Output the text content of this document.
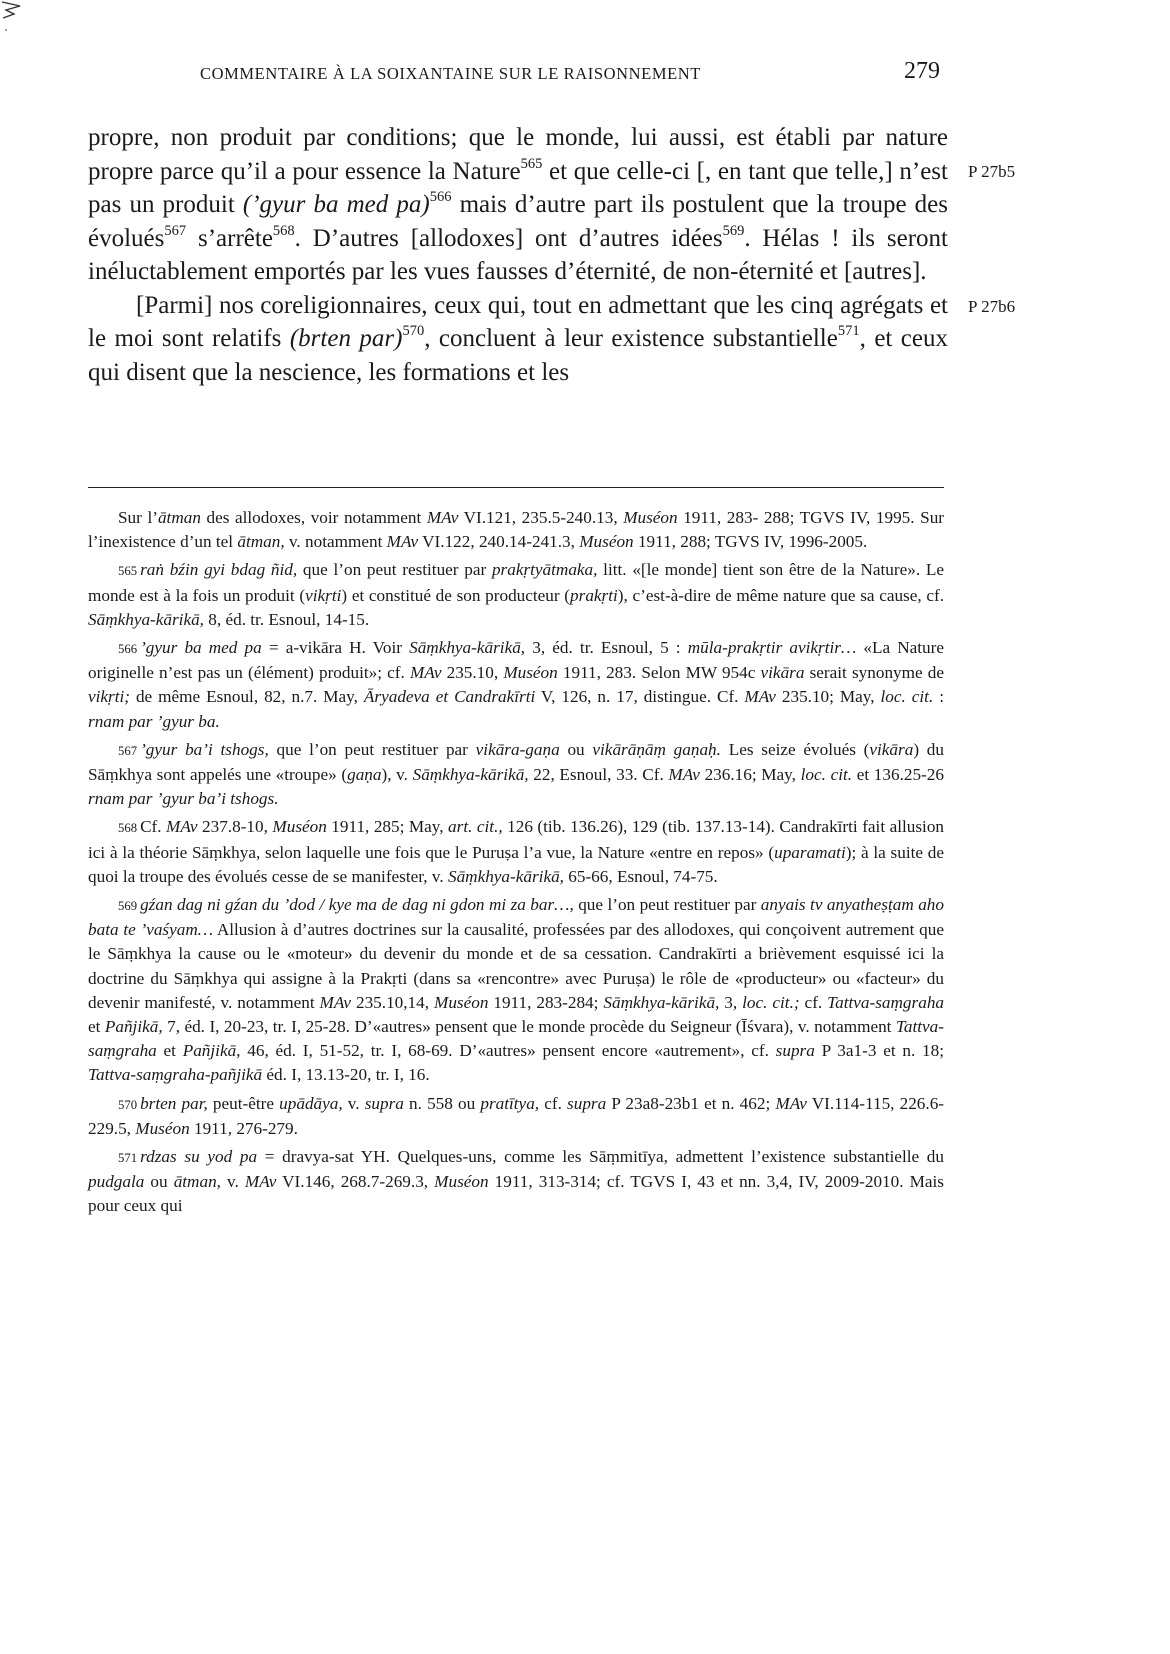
COMMENTAIRE À LA SOIXANTAINE SUR LE RAISONNEMENT	279
P 27b5
P 27b6

propre, non produit par conditions; que le monde, lui aussi, est établi par nature propre parce qu’il a pour essence la Nature$^{565}$ et que celle-ci [, en tant que telle,] n’est pas un produit (’gyur ba med pa)$^{566}$ mais d’autre part ils postulent que la troupe des évolués$^{567}$ s’arrête$^{568}$. D’autres [allodoxes] ont d’autres idées$^{569}$. Hélas ! ils seront inéluctablement emportés par les vues fausses d’éternité, de non-éternité et [autres].

[Parmi] nos coreligionnaires, ceux qui, tout en admettant que les cinq agrégats et le moi sont relatifs (brten par)$^{570}$, concluent à leur existence substantielle$^{571}$, et ceux qui disent que la nescience, les formations et les

Sur l’ātman des allodoxes, voir notamment MAv VI.121, 235.5-240.13, Muséon 1911, 283- 288; TGVS IV, 1995. Sur l’inexistence d’un tel ātman, v. notamment MAv VI.122, 240.14-241.3, Muséon 1911, 288; TGVS IV, 1996-2005.

565 raṅ bźin gyi bdag ñid, que l’on peut restituer par prakṛtyātmaka, litt. «[le monde] tient son être de la Nature». Le monde est à la fois un produit (vikṛti) et constitué de son producteur (prakṛti), c’est-à-dire de même nature que sa cause, cf. Sāṃkhya-kārikā, 8, éd. tr. Esnoul, 14-15.

566 ’gyur ba med pa = a-vikāra H. Voir Sāṃkhya-kārikā, 3, éd. tr. Esnoul, 5 : mūla-prakṛtir avikṛtir… «La Nature originelle n’est pas un (élément) produit»; cf. MAv 235.10, Muséon 1911, 283. Selon MW 954c vikāra serait synonyme de vikṛti; de même Esnoul, 82, n.7. May, Āryadeva et Candrakīrti V, 126, n. 17, distingue. Cf. MAv 235.10; May, loc. cit. : rnam par ’gyur ba.

567 ’gyur ba’i tshogs, que l’on peut restituer par vikāra-gaṇa ou vikārāṇāṃ gaṇaḥ. Les seize évolués (vikāra) du Sāṃkhya sont appelés une «troupe» (gaṇa), v. Sāṃkhya-kārikā, 22, Esnoul, 33. Cf. MAv 236.16; May, loc. cit. et 136.25-26 rnam par ’gyur ba’i tshogs.

568 Cf. MAv 237.8-10, Muséon 1911, 285; May, art. cit., 126 (tib. 136.26), 129 (tib. 137.13-14). Candrakīrti fait allusion ici à la théorie Sāṃkhya, selon laquelle une fois que le Puruṣa l’a vue, la Nature «entre en repos» (uparamati); à la suite de quoi la troupe des évolués cesse de se manifester, v. Sāṃkhya-kārikā, 65-66, Esnoul, 74-75.

569 gźan dag ni gźan du ’dod / kye ma de dag ni gdon mi za bar…, que l’on peut restituer par anyais tv anyatheṣṭam aho bata te ’vaśyam… Allusion à d’autres doctrines sur la causalité, professées par des allodoxes, qui conçoivent autrement que le Sāṃkhya la cause ou le «moteur» du devenir du monde et de sa cessation. Candrakīrti a brièvement esquissé ici la doctrine du Sāṃkhya qui assigne à la Prakṛti (dans sa «rencontre» avec Puruṣa) le rôle de «producteur» ou «facteur» du devenir manifesté, v. notamment MAv 235.10,14, Muséon 1911, 283-284; Sāṃkhya-kārikā, 3, loc. cit.; cf. Tattva-saṃgraha et Pañjikā, 7, éd. I, 20-23, tr. I, 25-28. D’«autres» pensent que le monde procède du Seigneur (Īśvara), v. notamment Tattva-saṃgraha et Pañjikā, 46, éd. I, 51-52, tr. I, 68-69. D’«autres» pensent encore «autrement», cf. supra P 3a1-3 et n. 18; Tattva-saṃgraha-pañjikā éd. I, 13.13-20, tr. I, 16.

570 brten par, peut-être upādāya, v. supra n. 558 ou pratītya, cf. supra P 23a8-23b1 et n. 462; MAv VI.114-115, 226.6-229.5, Muséon 1911, 276-279.

571 rdzas su yod pa = dravya-sat YH. Quelques-uns, comme les Sāṃmitīya, admettent l’existence substantielle du pudgala ou ātman, v. MAv VI.146, 268.7-269.3, Muséon 1911, 313-314; cf. TGVS I, 43 et nn. 3,4, IV, 2009-2010. Mais pour ceux qui
